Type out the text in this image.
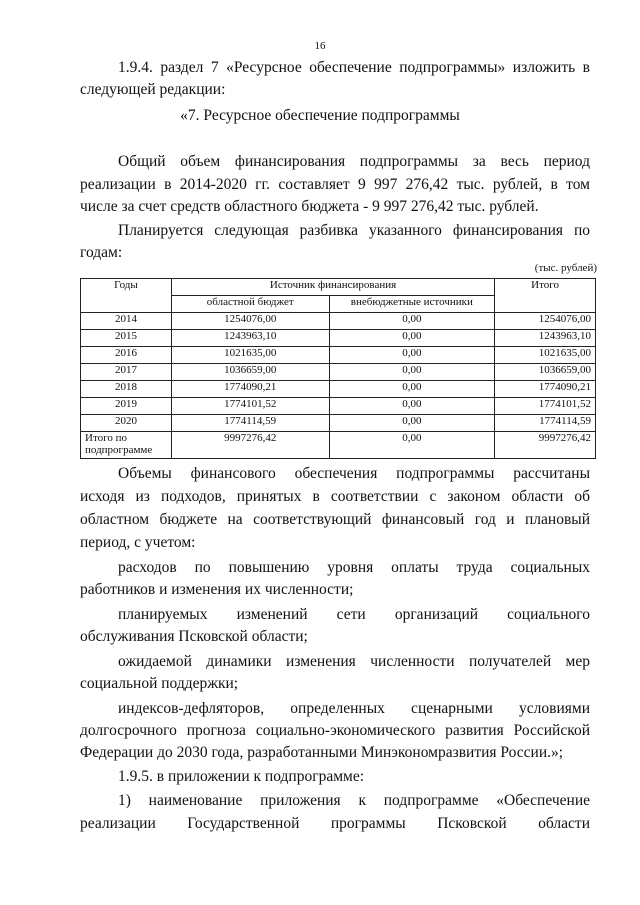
16
1.9.4. раздел 7 «Ресурсное обеспечение подпрограммы» изложить в
следующей редакции:
«7. Ресурсное обеспечение подпрограммы
Общий объем финансирования подпрограммы за весь период
реализации в 2014-2020 гг. составляет 9 997 276,42 тыс. рублей, в том
числе за счет средств областного бюджета - 9 997 276,42 тыс. рублей.
Планируется следующая разбивка указанного финансирования по
годам:
(тыс. рублей)
Годы	Источник финансирования		Итого
	областной бюджет	внебюджетные источники	
2014	1254076,00	0,00	1254076,00
2015	1243963,10	0,00	1243963,10
2016	1021635,00	0,00	1021635,00
2017	1036659,00	0,00	1036659,00
2018	1774090,21	0,00	1774090,21
2019	1774101,52	0,00	1774101,52
2020	1774114,59	0,00	1774114,59
Итого по
подпрограмме	9997276,42	0,00	9997276,42
Объемы финансового обеспечения подпрограммы рассчитаны
исходя из подходов, принятых в соответствии с законом области об
областном бюджете на соответствующий финансовый год и плановый
период, с учетом:
расходов по повышению уровня оплаты труда социальных
работников и изменения их численности;
планируемых изменений сети организаций социального
обслуживания Псковской области;
ожидаемой динамики изменения численности получателей мер
социальной поддержки;
индексов-дефляторов, определенных сценарными условиями
долгосрочного прогноза социально-экономического развития Российской
Федерации до 2030 года, разработанными Минэкономразвития России.»;
1.9.5. в приложении к подпрограмме:
1) наименование приложения к подпрограмме «Обеспечение
реализации Государственной программы Псковской области
